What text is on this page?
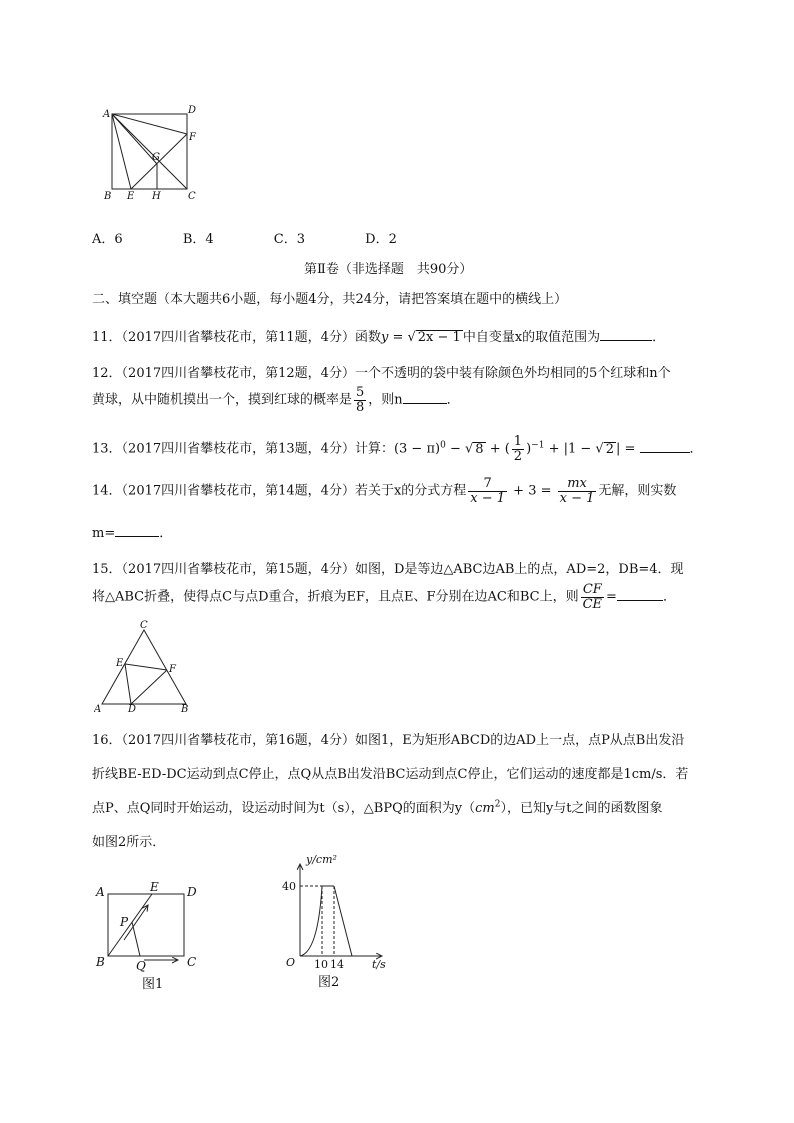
A	D
F
G
B E H	C
A．6	B．4	C．3	D．2
第Ⅱ卷（非选择题　共90分）
二、填空题（本大题共6小题，每小题4分，共24分，请把答案填在题中的横线上）
11．（2017四川省攀枝花市，第11题，4分）函数y = √ 2x − 1 中自变量x的取值范围为	．
12．（2017四川省攀枝花市，第12题，4分）一个不透明的袋中装有除颜色外均相同的5个红球和n个
黄球，从中随机摸出一个，摸到红球的概率是 $\frac{5}{8}$ ，则n	．
13．（2017四川省攀枝花市，第13题，4分）计算：$(3 - \pi)^0$ − √ 8 + ( $\frac{1}{2} )^{-1} + |1$ − √ 2 | =	．
14．（2017四川省攀枝花市，第14题，4分）若关于x的分式方程 $\frac{7}{x - 1} + 3 = \frac{mx}{x - 1}$ 无解，则实数
m=	．
15．（2017四川省攀枝花市，第15题，4分）如图，D是等边△ABC边AB上的点，AD=2，DB=4．现
将△ABC折叠，使得点C与点D重合，折痕为EF，且点E、F分别在边AC和BC上，则 $\frac{CF}{CE}$ =	．
C
E
F
A	D	B
16．（2017四川省攀枝花市，第16题，4分）如图1，E为矩形ABCD的边AD上一点，点P从点B出发沿
折线BE-ED-DC运动到点C停止，点Q从点B出发沿BC运动到点C停止，它们运动的速度都是1cm/s．若
点P、点Q同时开始运动，设运动时间为t（s），△BPQ的面积为$y(cm^2)$，已知y与t之间的函数图象
如图2所示．
A	E D
P
B	Q	C
图1
y/cm²
40
O 10 14	t/s
图2
